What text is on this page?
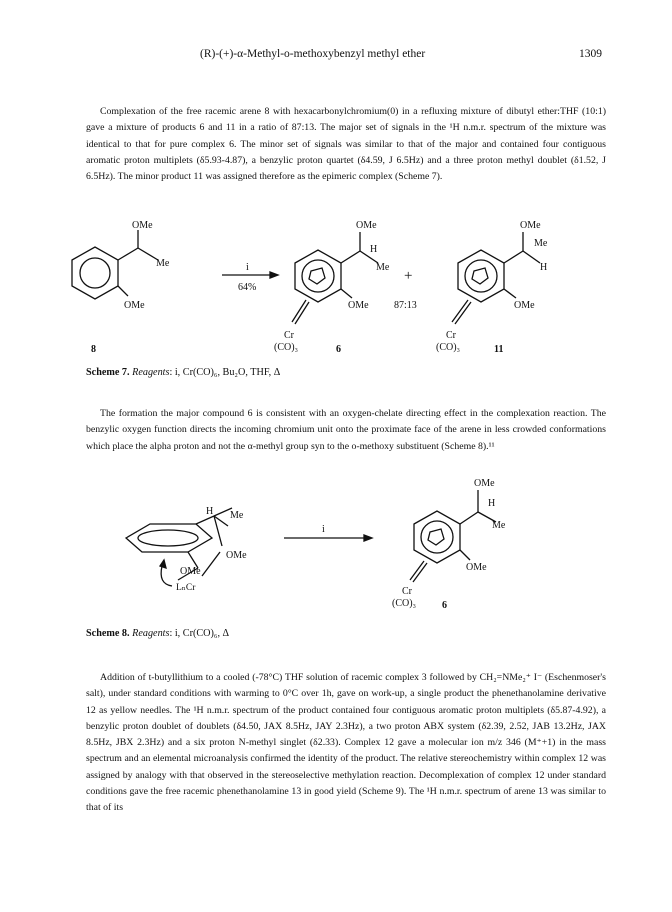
(R)-(+)-α-Methyl-o-methoxybenzyl methyl ether	1309
Complexation of the free racemic arene 8 with hexacarbonylchromium(0) in a refluxing mixture of dibutyl ether:THF (10:1) gave a mixture of products 6 and 11 in a ratio of 87:13. The major set of signals in the ¹H n.m.r. spectrum of the mixture was identical to that for pure complex 6. The minor set of signals was similar to that of the major and contained four contiguous aromatic proton multiplets (δ5.93-4.87), a benzylic proton quartet (δ4.59, J 6.5Hz) and a three proton methyl doublet (δ1.52, J 6.5Hz). The minor product 11 was assigned therefore as the epimeric complex (Scheme 7).
OMe
Me
OMe
8
i
64%
OMe
H
Me
OMe
Cr
(CO)₃	6
+
87:13
OMe
Me
H
OMe
Cr
(CO)₃	11
Scheme 7. Reagents: i, Cr(CO)₆, Bu₂O, THF, Δ
The formation the major compound 6 is consistent with an oxygen-chelate directing effect in the complexation reaction. The benzylic oxygen function directs the incoming chromium unit onto the proximate face of the arene in less crowded conformations which place the alpha proton and not the α-methyl group syn to the o-methoxy substituent (Scheme 8).¹¹
H Me
OMe
OMe
LₙCr
i
OMe
H
Me
OMe
Cr
(CO)₃	6
Scheme 8. Reagents: i, Cr(CO)₆, Δ
Addition of t-butyllithium to a cooled (-78°C) THF solution of racemic complex 3 followed by CH₂=NMe₂⁺ I⁻ (Eschenmoser's salt), under standard conditions with warming to 0°C over 1h, gave on work-up, a single product the phenethanolamine derivative 12 as yellow needles. The ¹H n.m.r. spectrum of the product contained four contiguous aromatic proton multiplets (δ5.87-4.92), a benzylic proton doublet of doublets (δ4.50, JAX 8.5Hz, JAY 2.3Hz), a two proton ABX system (δ2.39, 2.52, JAB 13.2Hz, JAX 8.5Hz, JBX 2.3Hz) and a six proton N-methyl singlet (δ2.33). Complex 12 gave a molecular ion m/z 346 (M⁺+1) in the mass spectrum and an elemental microanalysis confirmed the identity of the product. The relative stereochemistry within complex 12 was assigned by analogy with that observed in the stereoselective methylation reaction. Decomplexation of complex 12 under standard conditions gave the free racemic phenethanolamine 13 in good yield (Scheme 9). The ¹H n.m.r. spectrum of arene 13 was similar to that of its
